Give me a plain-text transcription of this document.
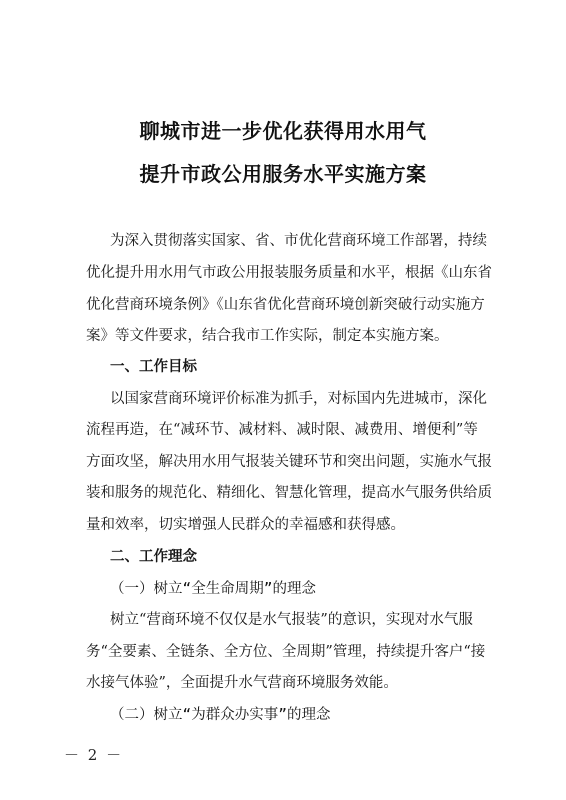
聊城市进一步优化获得用水用气
提升市政公用服务水平实施方案
为深入贯彻落实国家、省、市优化营商环境工作部署，持续
优化提升用水用气市政公用报装服务质量和水平，根据《山东省
优化营商环境条例》《山东省优化营商环境创新突破行动实施方
案》等文件要求，结合我市工作实际，制定本实施方案。
一、工作目标
以国家营商环境评价标准为抓手，对标国内先进城市，深化
流程再造，在“减环节、减材料、减时限、减费用、增便利”等
方面攻坚，解决用水用气报装关键环节和突出问题，实施水气报
装和服务的规范化、精细化、智慧化管理，提高水气服务供给质
量和效率，切实增强人民群众的幸福感和获得感。
二、工作理念
（一）树立“全生命周期”的理念
树立“营商环境不仅仅是水气报装”的意识，实现对水气服
务“全要素、全链条、全方位、全周期”管理，持续提升客户“接
水接气体验”，全面提升水气营商环境服务效能。
（二）树立“为群众办实事”的理念
－ 2 －
